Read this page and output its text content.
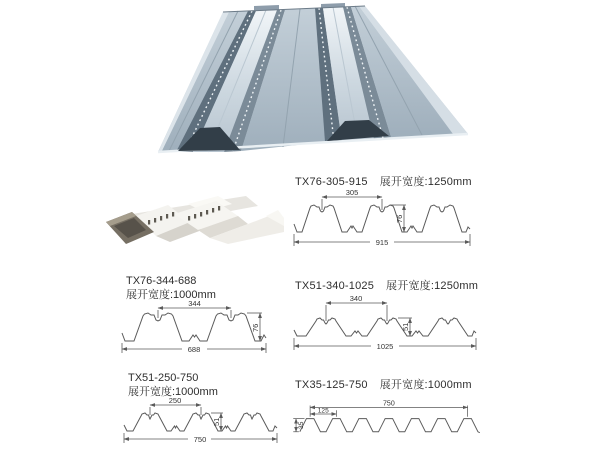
TX76-305-915 展开宽度:1250mm
305
76
915
TX76-344-688
展开宽度:1000mm
344
76
688
TX51-340-1025 展开宽度:1250mm
340
51
1025
TX51-250-750
展开宽度:1000mm
250
51
750
TX35-125-750 展开宽度:1000mm
750
125
35
